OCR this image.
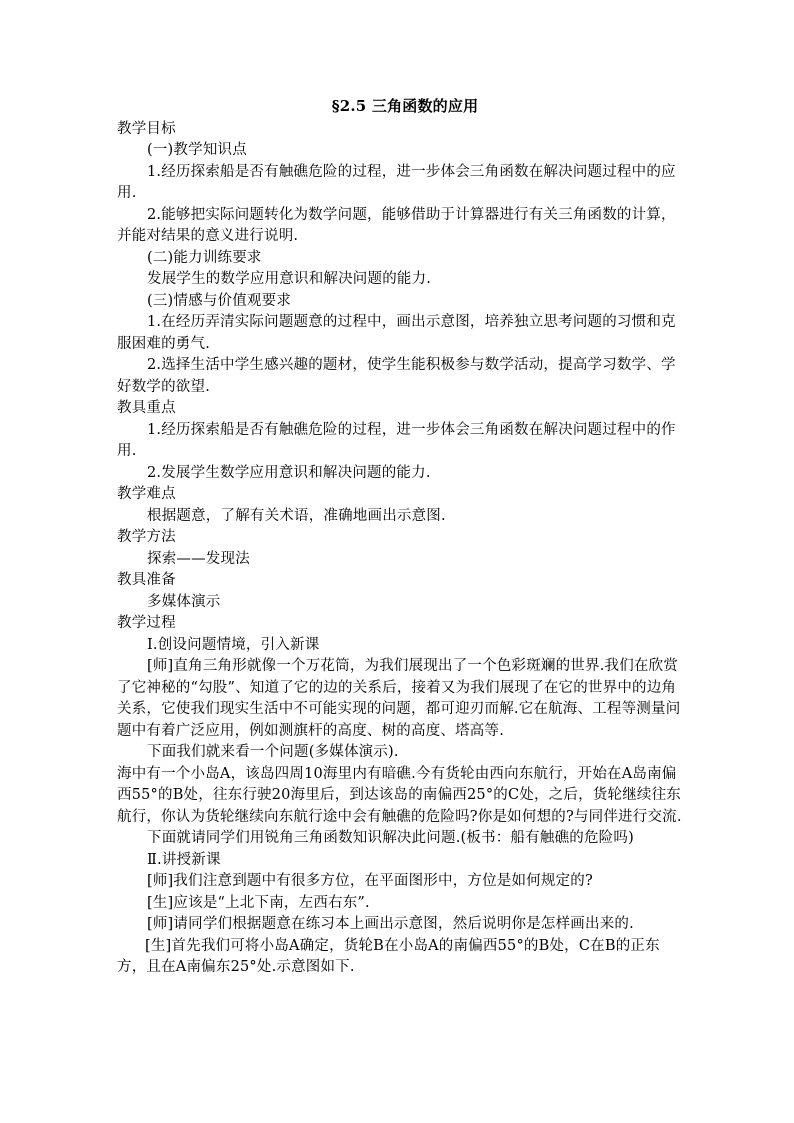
§2.5 三角函数的应用

教学目标

(一)教学知识点

1.经历探索船是否有触礁危险的过程，进一步体会三角函数在解决问题过程中的应用.

2.能够把实际问题转化为数学问题，能够借助于计算器进行有关三角函数的计算，并能对结果的意义进行说明.

(二)能力训练要求

发展学生的数学应用意识和解决问题的能力.

(三)情感与价值观要求

1.在经历弄清实际问题题意的过程中，画出示意图，培养独立思考问题的习惯和克服困难的勇气.

2.选择生活中学生感兴趣的题材，使学生能积极参与数学活动，提高学习数学、学好数学的欲望.

教具重点

1.经历探索船是否有触礁危险的过程，进一步体会三角函数在解决问题过程中的作用.

2.发展学生数学应用意识和解决问题的能力.

教学难点

根据题意，了解有关术语，准确地画出示意图.

教学方法

探索——发现法

教具准备

多媒体演示

教学过程

Ⅰ.创设问题情境，引入新课

[师]直角三角形就像一个万花筒，为我们展现出了一个色彩斑斓的世界.我们在欣赏了它神秘的“勾股”、知道了它的边的关系后，接着又为我们展现了在它的世界中的边角关系，它使我们现实生活中不可能实现的问题，都可迎刃而解.它在航海、工程等测量问题中有着广泛应用，例如测旗杆的高度、树的高度、塔高等.

下面我们就来看一个问题(多媒体演示).

海中有一个小岛A，该岛四周10海里内有暗礁.今有货轮由西向东航行，开始在A岛南偏西55°的B处，往东行驶20海里后，到达该岛的南偏西25°的C处，之后，货轮继续往东航行，你认为货轮继续向东航行途中会有触礁的危险吗?你是如何想的?与同伴进行交流.

下面就请同学们用锐角三角函数知识解决此问题.(板书：船有触礁的危险吗)

Ⅱ.讲授新课

[师]我们注意到题中有很多方位，在平面图形中，方位是如何规定的?

[生]应该是“上北下南，左西右东”.

[师]请同学们根据题意在练习本上画出示意图，然后说明你是怎样画出来的.

[生]首先我们可将小岛A确定，货轮B在小岛A的南偏西55°的B处，C在B的正东方，且在A南偏东25°处.示意图如下.
